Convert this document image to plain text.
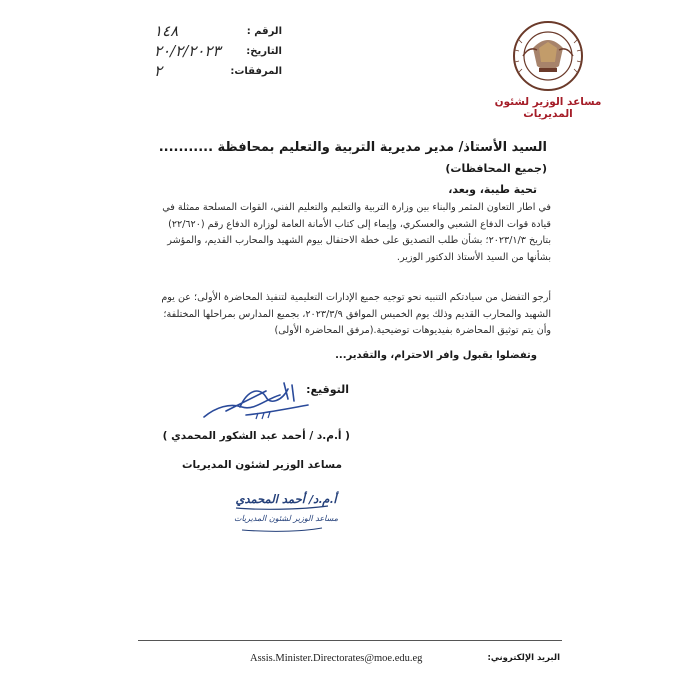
الرقم :
١٤٨
التاريخ:
٢٠/٢/٢٠٢٣
المرفقات:
٢
مساعد الوزير لشئون المديريات
السيد الأستاذ/ مدير مديرية التربية والتعليم بمحافظة ...........
(جميع المحافظات)
تحية طيبة، وبعد،
في اطار التعاون المثمر والبناء بين وزارة التربية والتعليم والتعليم الفني، القوات المسلحة ممثلة في قيادة قوات الدفاع الشعبي والعسكري، وإيماء إلى كتاب الأمانة العامة لوزارة الدفاع رقم (٢٢/٦٢٠) بتاريخ ٢٠٢٣/١/٣؛ بشأن طلب التصديق على خطة الاحتفال بيوم الشهيد والمحارب القديم، والمؤشر بشأنها من السيد الأستاذ الدكتور الوزير.
أرجو التفضل من سيادتكم التنبيه نحو توجيه جميع الإدارات التعليمية لتنفيذ المحاضرة الأولى؛ عن يوم الشهيد والمحارب القديم وذلك يوم الخميس الموافق ٢٠٢٣/٣/٩، بجميع المدارس بمراحلها المختلفة؛ وأن يتم توثيق المحاضرة بفيديوهات توضيحية.(مرفق المحاضرة الأولى)
وتفضلوا بقبول وافر الاحترام، والتقدير...
التوقيع:
( أ.م.د / أحمد عبد الشكور المحمدي )
مساعد الوزير لشئون المديريات
أ.م.د/ أحمد المحمدي
مساعد الوزير لشئون المديريات
Assis.Minister.Directorates@moe.edu.eg	البريد الإلكتروني:
